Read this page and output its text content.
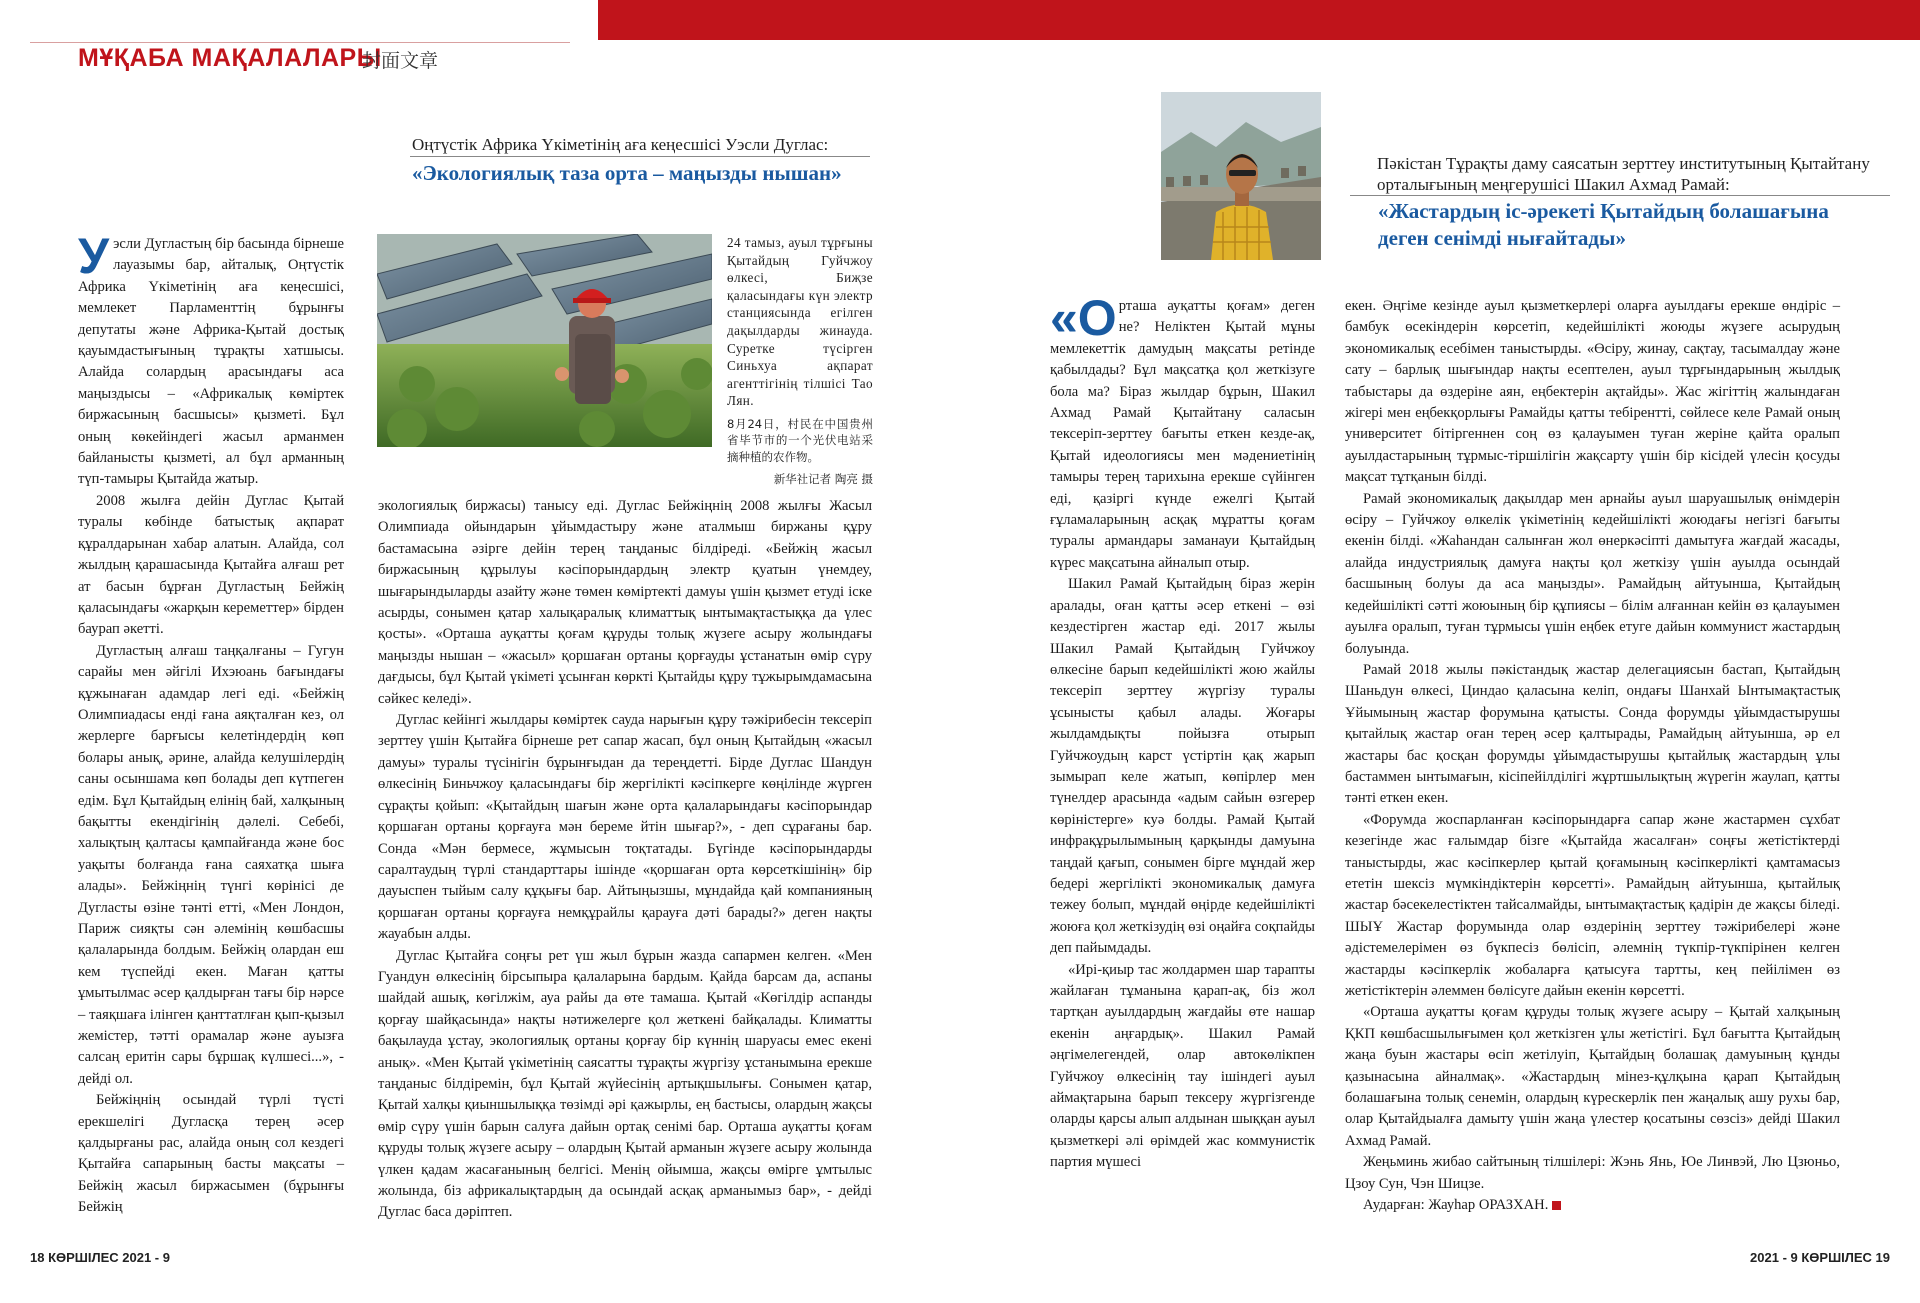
МҰҚАБА МАҚАЛАЛАРЫ
封面文章
Оңтүстік Африка Үкіметінің аға кеңесшісі Уэсли Дуглас:
«Экологиялық таза орта – маңызды нышан»
24 тамыз, ауыл тұрғыны Қытайдың Гуйчжоу өлкесі, Биҗзе қаласындағы күн электр станциясында егілген дақылдарды жинауда. Суретке түсірген Синьхуа ақпарат агенттігінің тілшісі Тао Лян.
8月24日，村民在中国贵州省毕节市的一个光伏电站采摘种植的农作物。
新华社记者 陶亮 摄

Уэсли Дугластың бір басында бірнеше лауазымы бар, айталық, Оңтүстік Африка Үкіметінің аға кеңесшісі, мемлекет Парламенттің бұрынғы депутаты және Африка-Қытай достық қауымдастығының тұрақты хатшысы. Алайда солардың арасындағы аса маңыздысы – «Африкалық көміртек биржасының басшысы» қызметі. Бұл оның көкейіндегі жасыл арманмен байланысты қызметі, ал бұл арманның түп-тамыры Қытайда жатыр.

2008 жылға дейін Дуглас Қытай туралы көбінде батыстық ақпарат құралдарынан хабар алатын. Алайда, сол жылдың қарашасында Қытайға алғаш рет ат басын бұрған Дугластың Бейжің қаласындағы «жарқын кереметтер» бірден баурап әкетті.

Дугластың алғаш таңқалғаны – Гугун сарайы мен әйгілі Ихэюань бағындағы құжынаған адамдар легі еді. «Бейжің Олимпиадасы енді ғана аяқталған кез, ол жерлерге барғысы келетіндердің көп болары анық, әрине, алайда келушілердің саны осыншама көп болады деп күтпеген едім. Бұл Қытайдың елінің бай, халқының бақытты екендігінің дәлелі. Себебі, халықтың қалтасы қампайғанда және бос уақыты болғанда ғана саяхатқа шыға алады». Бейжіңнің түнгі көрінісі де Дугласты өзіне тәнті етті, «Мен Лондон, Париж сияқты сән әлемінің көшбасшы қалаларында болдым. Бейжің олардан еш кем түспейді екен. Маған қатты ұмытылмас әсер қалдырған тағы бір нәрсе – таяқшаға ілінген қанттатлған қып-қызыл жемістер, тәтті орамалар және ауызға салсаң еритін сары бұршақ күлшесі...», - дейді ол.

Бейжіңнің осындай түрлі түсті ерекшелігі Дугласқа терең әсер қалдырғаны рас, алайда оның сол кездегі Қытайға сапарының басты мақсаты – Бейжің жасыл биржасымен (бұрынғы Бейжің

экологиялық биржасы) танысу еді. Дуглас Бейжіңнің 2008 жылғы Жасыл Олимпиада ойындарын ұйымдастыру және аталмыш биржаны құру бастамасына әзірге дейін терең таңданыс білдіреді. «Бейжің жасыл биржасының құрылуы кәсіпорындардың электр қуатын үнемдеу, шығарындыларды азайту және төмен көміртекті дамуы үшін қызмет етуді іске асырды, сонымен қатар халықаралық климаттық ынтымақтастыққа да үлес қосты». «Орташа ауқатты қоғам құруды толық жүзеге асыру жолындағы маңызды нышан – «жасыл» қоршаған ортаны қорғауды ұстанатын өмір сүру дағдысы, бұл Қытай үкіметі ұсынған көркті Қытайды құру тұжырымдамасына сәйкес келеді».

Дуглас кейінгі жылдары көміртек сауда нарығын құру тәжірибесін тексеріп зерттеу үшін Қытайға бірнеше рет сапар жасап, бұл оның Қытайдың «жасыл дамуы» туралы түсінігін бұрынғыдан да тереңдетті. Бірде Дуглас Шандун өлкесінің Биньчжоу қаласындағы бір жергілікті кәсіпкерге көңілінде жүрген сұрақты қойып: «Қытайдың шағын және орта қалаларындағы кәсіпорындар қоршаған ортаны қорғауға мән береме йтін шығар?», - деп сұрағаны бар. Сонда «Мән бермесе, жұмысын тоқтатады. Бүгінде кәсіпорындарды саралтаудың түрлі стандарттары ішінде «қоршаған орта көрсеткішінің» бір дауыспен тыйым салу құқығы бар. Айтыңызшы, мұндайда қай компанияның қоршаған ортаны қорғауға немқұрайлы қарауға дәті барады?» деген нақты жауабын алды.

Дуглас Қытайға соңғы рет үш жыл бұрын жазда сапармен келген. «Мен Гуандун өлкесінің бірсыпыра қалаларына бардым. Қайда барсам да, аспаны шайдай ашық, көгілжім, ауа райы да өте тамаша. Қытай «Көгілдір аспанды қорғау шайқасында» нақты нәтижелерге қол жеткені байқалады. Климатты бақылауда ұстау, экологиялық ортаны қорғау бір күннің шаруасы емес екені анық». «Мен Қытай үкіметінің саясатты тұрақты жүргізу ұстанымына ерекше таңданыс білдіремін, бұл Қытай жүйесінің артықшылығы. Сонымен қатар, Қытай халқы қиыншылыққа төзімді әрі қажырлы, ең бастысы, олардың жақсы өмір сүру үшін барын салуға дайын ортақ сенімі бар. Орташа ауқатты қоғам құруды толық жүзеге асыру – олардың Қытай арманын жүзеге асыру жолында үлкен қадам жасағанының белгісі. Менің ойымша, жақсы өмірге ұмтылыс жолында, біз африкалықтардың да осындай асқақ арманымыз бар», - дейді Дуглас баса дәріптеп.

18 КӨРШІЛЕС 2021 - 9
Пәкістан Тұрақты даму саясатын зерттеу институтының Қытайтану орталығының меңгерушісі Шакил Ахмад Рамай:
«Жастардың іс-әрекеті Қытайдың болашағына деген сенімді нығайтады»

«Орташа ауқатты қоғам» деген не? Неліктен Қытай мұны мемлекеттік дамудың мақсаты ретінде қабылдады? Бұл мақсатқа қол жеткізуге бола ма? Біраз жылдар бұрын, Шакил Ахмад Рамай Қытайтану саласын тексеріп-зерттеу бағыты еткен кезде-ақ, Қытай идеологиясы мен мәдениетінің тамыры терең тарихына ерекше сүйінген еді, қазіргі күнде ежелгі Қытай ғұламаларының асқақ мұратты қоғам туралы армандары заманауи Қытайдың күрес мақсатына айналып отыр.

Шакил Рамай Қытайдың біраз жерін аралады, оған қатты әсер еткені – өзі кездестірген жастар еді. 2017 жылы Шакил Рамай Қытайдың Гуйчжоу өлкесіне барып кедейшілікті жою жайлы тексеріп зерттеу жүргізу туралы ұсынысты қабыл алады. Жоғары жылдамдықты пойызға отырып Гуйчжоудың карст үстіртін қақ жарып зымырап келе жатып, көпірлер мен түнелдер арасында «адым сайын өзгерер көріністерге» куә болды. Рамай Қытай инфрақұрылымының қарқынды дамуына таңдай қағып, сонымен бірге мұндай жер бедері жергілікті экономикалық дамуға тежеу болып, мұндай өңірде кедейшілікті жоюға қол жеткізудің өзі оңайға соқпайды деп пайымдады.

«Ирі-қиыр тас жолдармен шар тарапты жайлаған тұманына қарап-ақ, біз жол тартқан ауылдардың жағдайы өте нашар екенін аңғардық». Шакил Рамай әңгімелегендей, олар автокөлікпен Гуйчжоу өлкесінің тау ішіндегі ауыл аймақтарына барып тексеру жүргізгенде оларды қарсы алып алдынан шыққан ауыл қызметкері әлі өрімдей жас коммунистік партия мүшесі

екен. Әңгіме кезінде ауыл қызметкерлері оларға ауылдағы ерекше өндіріс – бамбук өсекіндерін көрсетіп, кедейшілікті жоюды жүзеге асырудың экономикалық есебімен таныстырды. «Өсіру, жинау, сақтау, тасымалдау және сату – барлық шығындар нақты есептелен, ауыл тұрғындарының жылдық табыстары да өздеріне аян, еңбектерін ақтайды». Жас жігіттің жалындаған жігері мен еңбекқорлығы Рамайды қатты тебірентті, сөйлесе келе Рамай оның университет бітіргеннен соң өз қалауымен туған жеріне қайта оралып ауылдастарының тұрмыс-тіршілігін жақсарту үшін бір кісідей үлесін қосуды мақсат тұтқанын білді.

Рамай экономикалық дақылдар мен арнайы ауыл шаруашылық өнімдерін өсіру – Гуйчжоу өлкелік үкіметінің кедейшілікті жоюдағы негізгі бағыты екенін білді. «Жаһандан салынған жол өнеркәсіпті дамытуға жағдай жасады, алайда индустриялық дамуға нақты қол жеткізу үшін ауылда осындай басшының болуы да аса маңызды». Рамайдың айтуынша, Қытайдың кедейшілікті сәтті жоюының бір құпиясы – білім алғаннан кейін өз қалауымен ауылға оралып, туған тұрмысы үшін еңбек етуге дайын коммунист жастардың болуында.

Рамай 2018 жылы пәкістандық жастар делегациясын бастап, Қытайдың Шаньдун өлкесі, Циндао қаласына келіп, ондағы Шанхай Ынтымақтастық Ұйымының жастар форумына қатысты. Сонда форумды ұйымдастырушы қытайлық жастар оған терең әсер қалтырады, Рамайдың айтуынша, әр ел жастары бас қосқан форумды ұйымдастырушы қытайлық жастардың ұлы бастаммен ынтымағын, кісіпейілділігі жұртшылықтың жүрегін жаулап, қатты тәнті еткен екен.

«Форумда жоспарланған кәсіпорындарға сапар және жастармен сұхбат кезегінде жас ғалымдар бізге «Қытайда жасалған» соңғы жетістіктерді таныстырды, жас кәсіпкерлер қытай қоғамының кәсіпкерлікті қамтамасыз ететін шексіз мүмкіндіктерін көрсетті». Рамайдың айтуынша, қытайлық жастар бәсекелестіктен тайсалмайды, ынтымақтастық қадірін де жақсы біледі. ШЫҰ Жастар форумында олар өздерінің зерттеу тәжірибелері және әдістемелерімен өз бүкпесіз бөлісіп, әлемнің түкпір-түкпірінен келген жастарды кәсіпкерлік жобаларға қатысуға тартты, кең пейілімен өз жетістіктерін әлеммен бөлісуге дайын екенін көрсетті.

«Орташа ауқатты қоғам құруды толық жүзеге асыру – Қытай халқының ҚКП көшбасшылығымен қол жеткізген ұлы жетістігі. Бұл бағытта Қытайдың жаңа буын жастары өсіп жетілуіп, Қытайдың болашақ дамуының құнды қазынасына айналмақ». «Жастардың мінез-құлқына қарап Қытайдың болашағына толық сенемін, олардың күрескерлік пен жаңалық ашу рухы бар, олар Қытайдыалға дамыту үшін жаңа үлестер қосатыны сөзсіз» дейді Шакил Ахмад Рамай.

Жеңьминь жибао сайтының тілшілері: Жэнь Янь, Юе Линвэй, Лю Цзюньо, Цзоу Сун, Чэн Шицзе.

Аударған: Жауһар ОРАЗХАН.

2021 - 9 КӨРШІЛЕС 19
